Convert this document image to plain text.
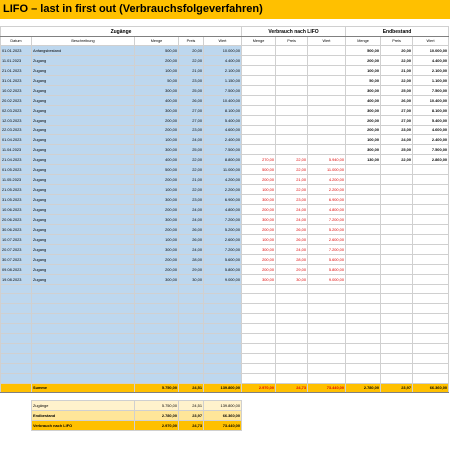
LIFO – last in first out (Verbrauchsfolgeverfahren)
Zugänge					Verbrauch nach LIFO			Endbestand		
Datum	Beschreibung	Menge	Preis	Wert	Menge	Preis	Wert	Menge	Preis	Wert
01.01.2023	Anfangsbestand	500,00	20,00	10.000,00				500,00	20,00	10.000,00
11.01.2023	Zugang	200,00	22,00	4.400,00				200,00	22,00	4.400,00
21.01.2023	Zugang	100,00	21,00	2.100,00				100,00	21,00	2.100,00
31.01.2023	Zugang	50,00	23,00	1.150,00				50,00	22,00	1.100,00
10.02.2023	Zugang	300,00	25,00	7.500,00				300,00	25,00	7.500,00
20.02.2023	Zugang	400,00	26,00	10.400,00				400,00	26,00	10.400,00
02.03.2023	Zugang	300,00	27,00	8.100,00				300,00	27,00	8.100,00
12.03.2023	Zugang	200,00	27,00	5.400,00				200,00	27,00	5.400,00
22.03.2023	Zugang	200,00	23,00	4.600,00				200,00	23,00	4.600,00
01.04.2023	Zugang	100,00	24,00	2.400,00				100,00	24,00	2.400,00
11.04.2023	Zugang	300,00	25,00	7.500,00				300,00	25,00	7.500,00
21.04.2023	Zugang	400,00	22,00	8.800,00	270,00	22,00	5.940,00	130,00	22,00	2.860,00
01.05.2023	Zugang	500,00	22,00	11.000,00	500,00	22,00	11.000,00			
11.05.2023	Zugang	200,00	21,00	4.200,00	200,00	21,00	4.200,00			
21.05.2023	Zugang	100,00	22,00	2.200,00	100,00	22,00	2.200,00			
31.05.2023	Zugang	300,00	23,00	6.900,00	300,00	23,00	6.900,00			
10.06.2023	Zugang	200,00	24,00	4.800,00	200,00	24,00	4.800,00			
20.06.2023	Zugang	300,00	24,00	7.200,00	300,00	24,00	7.200,00			
30.06.2023	Zugang	200,00	26,00	5.200,00	200,00	26,00	5.200,00			
10.07.2023	Zugang	100,00	26,00	2.600,00	100,00	26,00	2.600,00			
20.07.2023	Zugang	300,00	24,00	7.200,00	300,00	24,00	7.200,00			
30.07.2023	Zugang	200,00	28,00	5.600,00	200,00	28,00	5.600,00			
09.08.2023	Zugang	200,00	29,00	5.800,00	200,00	29,00	5.800,00			
19.08.2023	Zugang	300,00	30,00	9.000,00	300,00	30,00	9.000,00			

	Summe	5.750,00	24,51	139.800,00	2.970,00	24,73	73.440,00	2.780,00	23,97	66.360,00

	Zugänge	5.750,00	24,51	139.800,00						
	Endbestand	2.780,00	23,97	66.360,00						
	Verbrauch nach LIFO	2.970,00	24,73	73.440,00						
